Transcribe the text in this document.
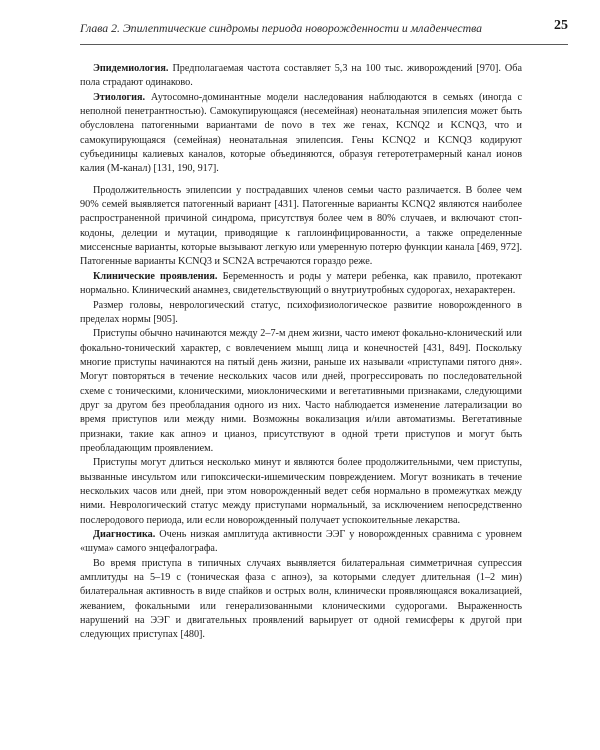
Глава 2. Эпилептические синдромы периода новорожденности и младенчества	25

Эпидемиология. Предполагаемая частота составляет 5,3 на 100 тыс. живорождений [970]. Оба пола страдают одинаково.

Этиология. Аутосомно-доминантные модели наследования наблюдаются в семьях (иногда с неполной пенетрантностью). Самокупирующаяся (несемейная) неонатальная эпилепсия может быть обусловлена патогенными вариантами de novo в тех же генах, KCNQ2 и KCNQ3, что и самокупирующаяся (семейная) неонатальная эпилепсия. Гены KCNQ2 и KCNQ3 кодируют субъединицы калиевых каналов, которые объединяются, образуя гетеротетрамерный канал ионов калия (М-канал) [131, 190, 917].

Продолжительность эпилепсии у пострадавших членов семьи часто различается. В более чем 90% семей выявляется патогенный вариант [431]. Патогенные варианты KCNQ2 являются наиболее распространенной причиной синдрома, присутствуя более чем в 80% случаев, и включают стоп-кодоны, делеции и мутации, приводящие к гаплоинфицированности, а также определенные миссенсные варианты, которые вызывают легкую или умеренную потерю функции канала [469, 972]. Патогенные варианты KCNQ3 и SCN2A встречаются гораздо реже.

Клинические проявления. Беременность и роды у матери ребенка, как правило, протекают нормально. Клинический анамнез, свидетельствующий о внутриутробных судорогах, нехарактерен.

Размер головы, неврологический статус, психофизиологическое развитие новорожденного в пределах нормы [905].

Приступы обычно начинаются между 2–7-м днем жизни, часто имеют фокально-клонический или фокально-тонический характер, с вовлечением мышц лица и конечностей [431, 849]. Поскольку многие приступы начинаются на пятый день жизни, раньше их называли «приступами пятого дня». Могут повторяться в течение нескольких часов или дней, прогрессировать по последовательной схеме с тоническими, клоническими, миоклоническими и вегетативными признаками, следующими друг за другом без преобладания одного из них. Часто наблюдается изменение латерализации во время приступов или между ними. Возможны вокализация и/или автоматизмы. Вегетативные признаки, такие как апноэ и цианоз, присутствуют в одной трети приступов и могут быть преобладающим проявлением.

Приступы могут длиться несколько минут и являются более продолжительными, чем приступы, вызванные инсультом или гипоксически-ишемическим повреждением. Могут возникать в течение нескольких часов или дней, при этом новорожденный ведет себя нормально в промежутках между ними. Неврологический статус между приступами нормальный, за исключением непосредственно послеродового периода, или если новорожденный получает успокоительные лекарства.

Диагностика. Очень низкая амплитуда активности ЭЭГ у новорожденных сравнима с уровнем «шума» самого энцефалографа.

Во время приступа в типичных случаях выявляется билатеральная симметричная супрессия амплитуды на 5–19 с (тоническая фаза с апноэ), за которыми следует длительная (1–2 мин) билатеральная активность в виде спайков и острых волн, клинически проявляющаяся вокализацией, жеванием, фокальными или генерализованными клоническими судорогами. Выраженность нарушений на ЭЭГ и двигательных проявлений варьирует от одной гемисферы к другой при следующих приступах [480].
